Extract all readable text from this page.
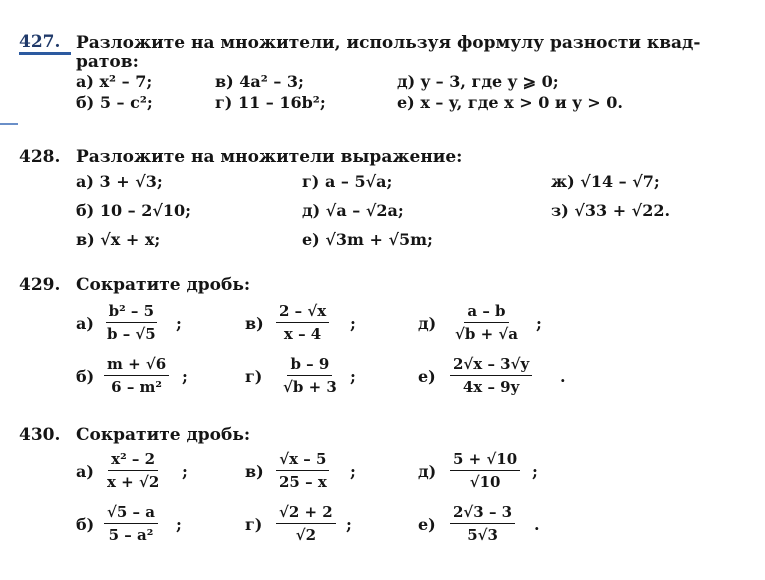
427. Разложите на множители, используя формулу разности квад-
ратов:
а) x² – 7;	в) 4a² – 3;	д) y – 3, где y ⩾ 0;
б) 5 – c²;	г) 11 – 16b²;	е) x – y, где x > 0 и y > 0.
428. Разложите на множители выражение:
а) 3 + √3;	г) a – 5√a;	ж) √14 – √7;
б) 10 – 2√10;	д) √a – √2a;	з) √33 + √22.
в) √x + x;	е) √3m + √5m;
429. Сократите дробь:
$а) \frac{\text{b² – 5}}{b - √5}$ ;	$в) \frac{2 - √x}{x - 4}$ ;	$д) \frac{a - b}{√b + √a}$ ;
$б) \frac{m + √6}{\text{6 – m²}}$ ;	$г) \frac{b - 9}{√b + 3}$ ;	$е) \frac{2√x - 3√y}{4x - 9y}$ .
430. Сократите дробь:
$а) \frac{\text{x² – 2}}{x + √2}$ ;	$в) \frac{√x - 5}{25 - x}$ ;	$д) \frac{5 + √10}{√10}$ ;
$б) \frac{√5 - a}{\text{5 – a²}}$ ;	$г) \frac{√2 + 2}{√2}$ ;	$е) \frac{2√3 - 3}{5√3}$ .
